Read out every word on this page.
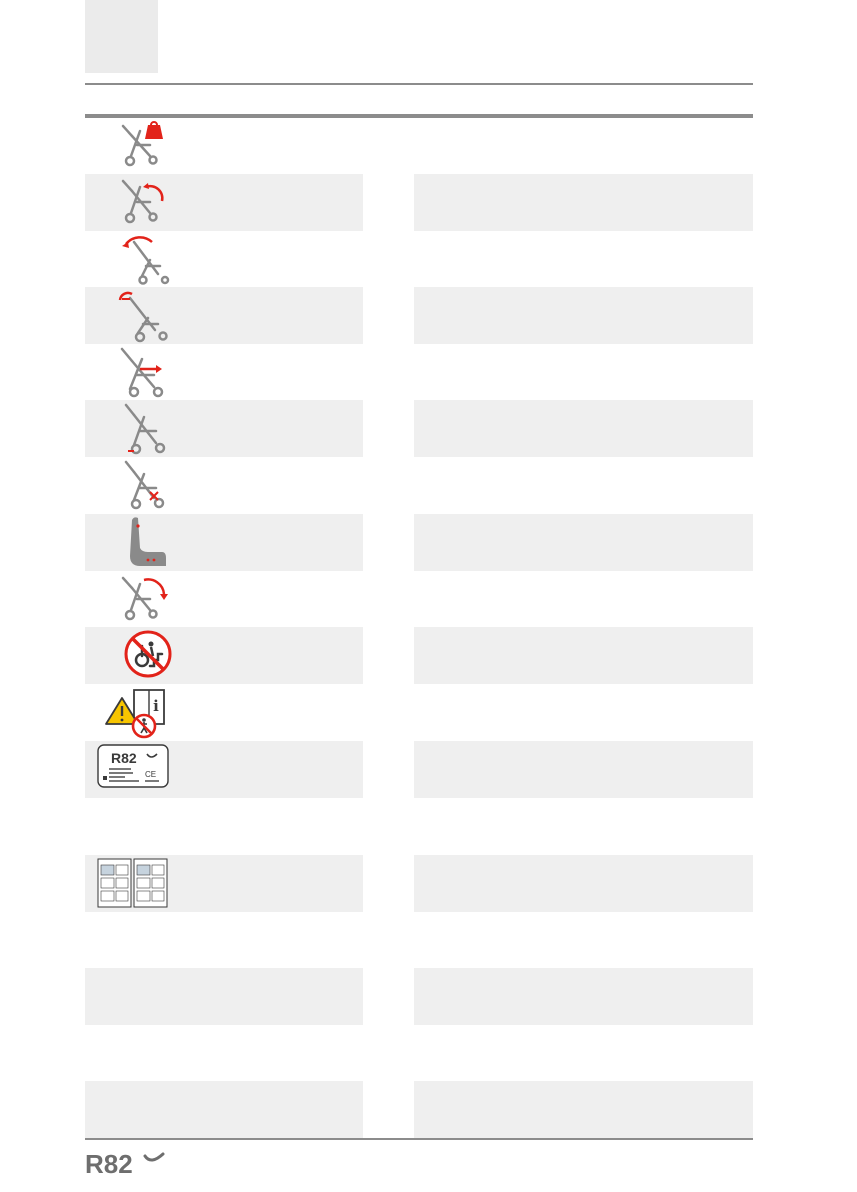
i
R82
CE
R82
